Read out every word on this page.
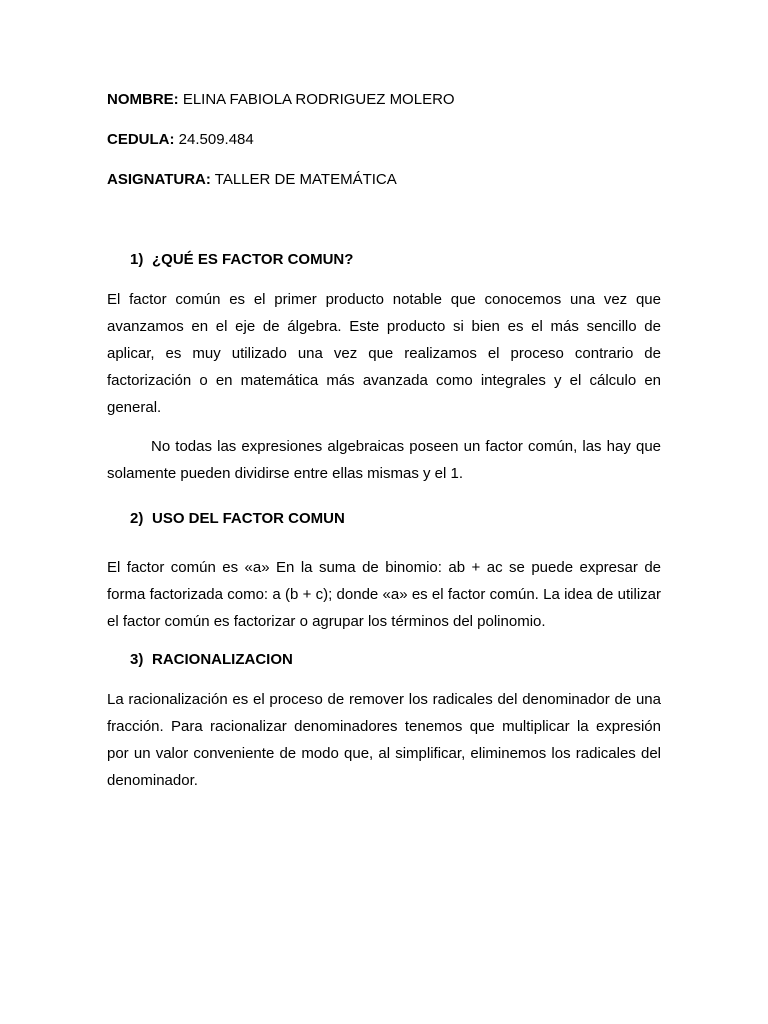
NOMBRE: ELINA FABIOLA RODRIGUEZ MOLERO

CEDULA: 24.509.484

ASIGNATURA: TALLER DE MATEMÁTICA

1) ¿QUÉ ES FACTOR COMUN?

El factor común es el primer producto notable que conocemos una vez que avanzamos en el eje de álgebra. Este producto si bien es el más sencillo de aplicar, es muy utilizado una vez que realizamos el proceso contrario de factorización o en matemática más avanzada como integrales y el cálculo en general.

No todas las expresiones algebraicas poseen un factor común, las hay que solamente pueden dividirse entre ellas mismas y el 1.

2) USO DEL FACTOR COMUN

El factor común es «a» En la suma de binomio: ab + ac se puede expresar de forma factorizada como: a (b + c); donde «a» es el factor común. La idea de utilizar el factor común es factorizar o agrupar los términos del polinomio.

3) RACIONALIZACION

La racionalización es el proceso de remover los radicales del denominador de una fracción. Para racionalizar denominadores tenemos que multiplicar la expresión por un valor conveniente de modo que, al simplificar, eliminemos los radicales del denominador.
